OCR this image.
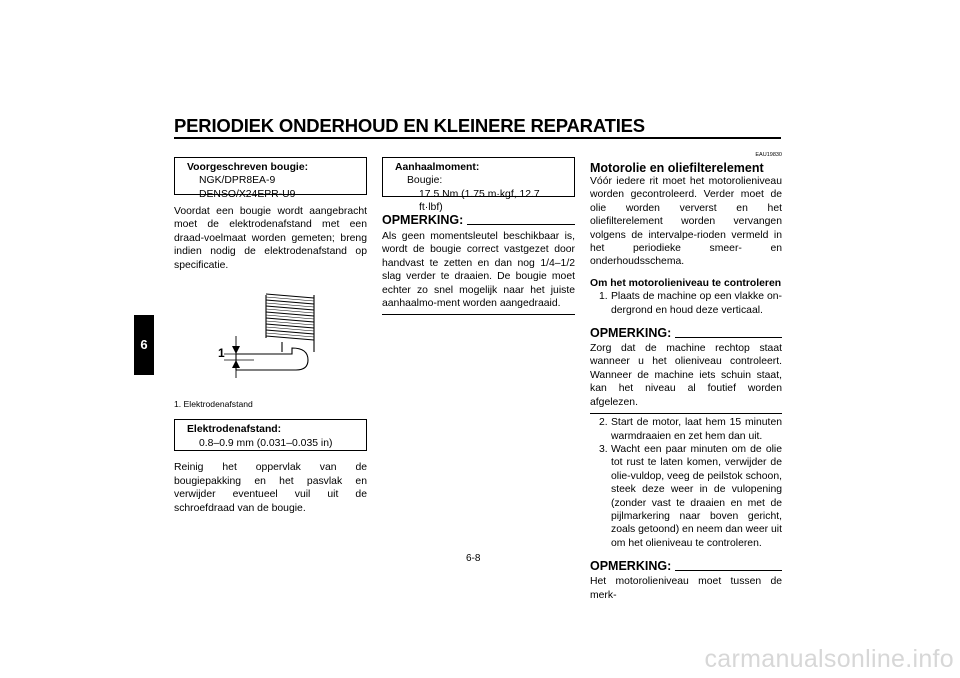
PERIODIEK ONDERHOUD EN KLEINERE REPARATIES
6
Voorgeschreven bougie:
NGK/DPR8EA-9
DENSO/X24EPR-U9

Voordat een bougie wordt aangebracht moet de elektrodenafstand met een draad-voelmaat worden gemeten; breng indien nodig de elektrodenafstand op specificatie.

1
1. Elektrodenafstand
Elektrodenafstand:
0.8–0.9 mm (0.031–0.035 in)

Reinig het oppervlak van de bougiepakking en het pasvlak en verwijder eventueel vuil uit de schroefdraad van de bougie.

Aanhaalmoment:
Bougie:
17.5 Nm (1.75 m·kgf, 12.7 ft·lbf)
OPMERKING:

Als geen momentsleutel beschikbaar is, wordt de bougie correct vastgezet door handvast te zetten en dan nog 1/4–1/2 slag verder te draaien. De bougie moet echter zo snel mogelijk naar het juiste aanhaalmo-ment worden aangedraaid.

EAU19830
Motorolie en oliefilterelement

Vóór iedere rit moet het motorolieniveau worden gecontroleerd. Verder moet de olie worden ververst en het oliefilterelement worden vervangen volgens de intervalpe-rioden vermeld in het periodieke smeer- en onderhoudsschema.

Om het motorolieniveau te controleren
1. Plaats de machine op een vlakke on-dergrond en houd deze verticaal.
OPMERKING:

Zorg dat de machine rechtop staat wanneer u het olieniveau controleert. Wanneer de machine iets schuin staat, kan het niveau al foutief worden afgelezen.

2. Start de motor, laat hem 15 minuten warmdraaien en zet hem dan uit.
3. Wacht een paar minuten om de olie tot rust te laten komen, verwijder de olie-vuldop, veeg de peilstok schoon, steek deze weer in de vulopening (zonder vast te draaien en met de pijlmarkering naar boven gericht, zoals getoond) en neem dan weer uit om het olieniveau te controleren.
OPMERKING:

Het motorolieniveau moet tussen de merk-

6-8
carmanualsonline.info
